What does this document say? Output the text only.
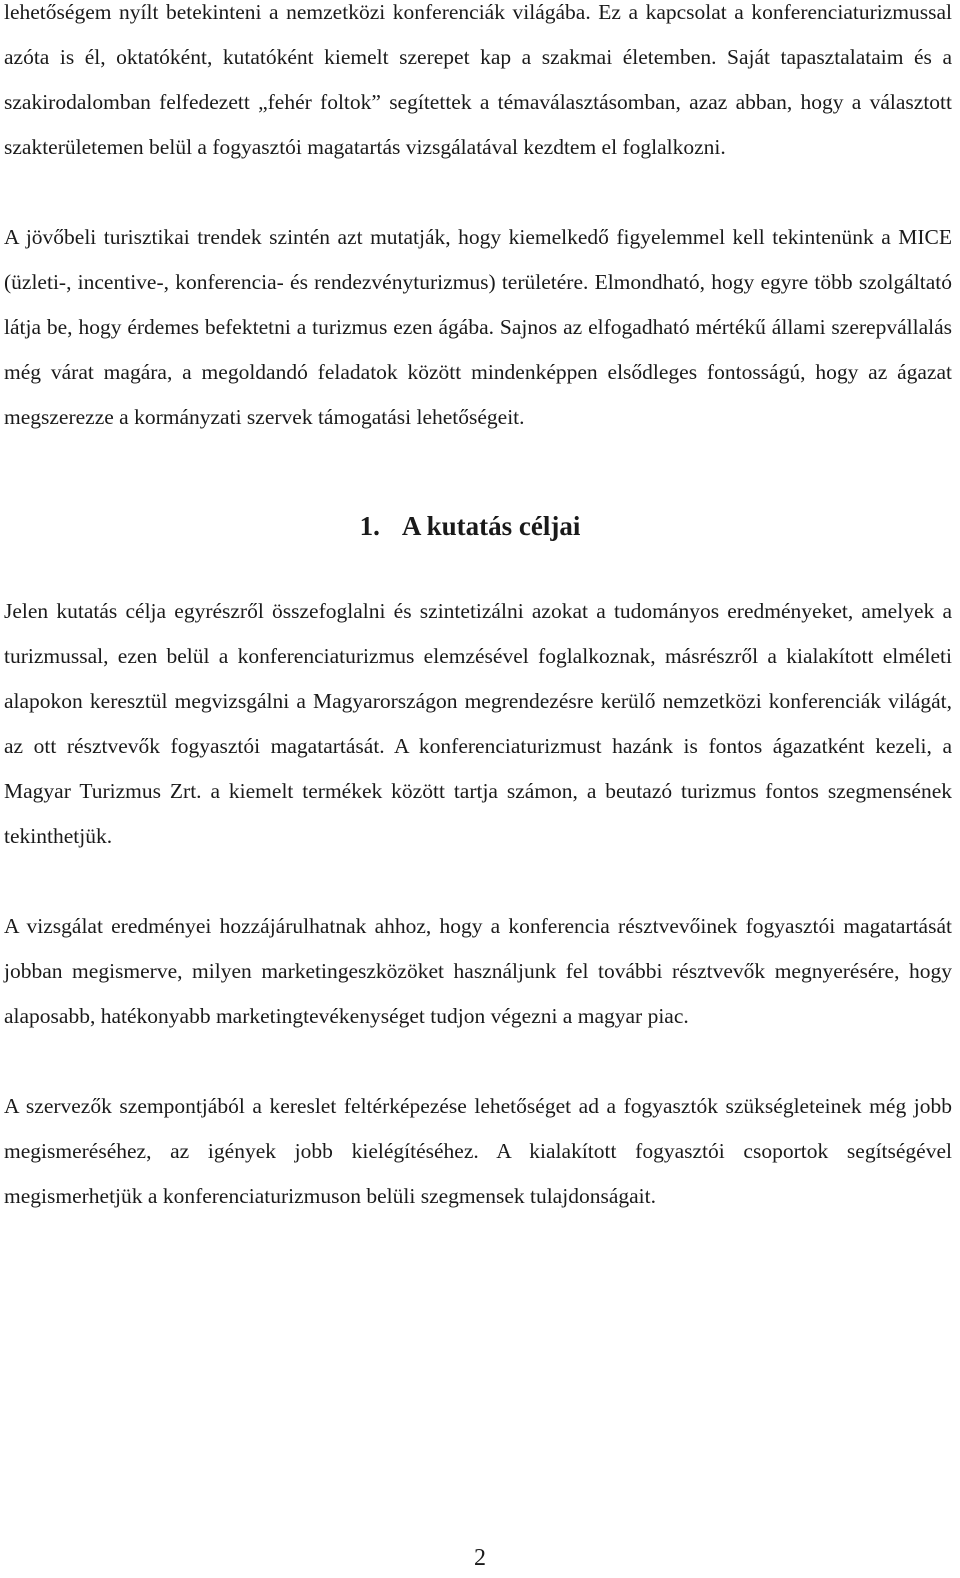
lehetőségem nyílt betekinteni a nemzetközi konferenciák világába. Ez a kapcsolat a konferenciaturizmussal azóta is él, oktatóként, kutatóként kiemelt szerepet kap a szakmai életemben. Saját tapasztalataim és a szakirodalomban felfedezett „fehér foltok” segítettek a témaválasztásomban, azaz abban, hogy a választott szakterületemen belül a fogyasztói magatartás vizsgálatával kezdtem el foglalkozni.

A jövőbeli turisztikai trendek szintén azt mutatják, hogy kiemelkedő figyelemmel kell tekintenünk a MICE (üzleti-, incentive-, konferencia- és rendezvényturizmus) területére. Elmondható, hogy egyre több szolgáltató látja be, hogy érdemes befektetni a turizmus ezen ágába. Sajnos az elfogadható mértékű állami szerepvállalás még várat magára, a megoldandó feladatok között mindenképpen elsődleges fontosságú, hogy az ágazat megszerezze a kormányzati szervek támogatási lehetőségeit.

1. A kutatás céljai

Jelen kutatás célja egyrészről összefoglalni és szintetizálni azokat a tudományos eredményeket, amelyek a turizmussal, ezen belül a konferenciaturizmus elemzésével foglalkoznak, másrészről a kialakított elméleti alapokon keresztül megvizsgálni a Magyarországon megrendezésre kerülő nemzetközi konferenciák világát, az ott résztvevők fogyasztói magatartását. A konferenciaturizmust hazánk is fontos ágazatként kezeli, a Magyar Turizmus Zrt. a kiemelt termékek között tartja számon, a beutazó turizmus fontos szegmensének tekinthetjük.

A vizsgálat eredményei hozzájárulhatnak ahhoz, hogy a konferencia résztvevőinek fogyasztói magatartását jobban megismerve, milyen marketingeszközöket használjunk fel további résztvevők megnyerésére, hogy alaposabb, hatékonyabb marketingtevékenységet tudjon végezni a magyar piac.

A szervezők szempontjából a kereslet feltérképezése lehetőséget ad a fogyasztók szükségleteinek még jobb megismeréséhez, az igények jobb kielégítéséhez. A kialakított fogyasztói csoportok segítségével megismerhetjük a konferenciaturizmuson belüli szegmensek tulajdonságait.

2
